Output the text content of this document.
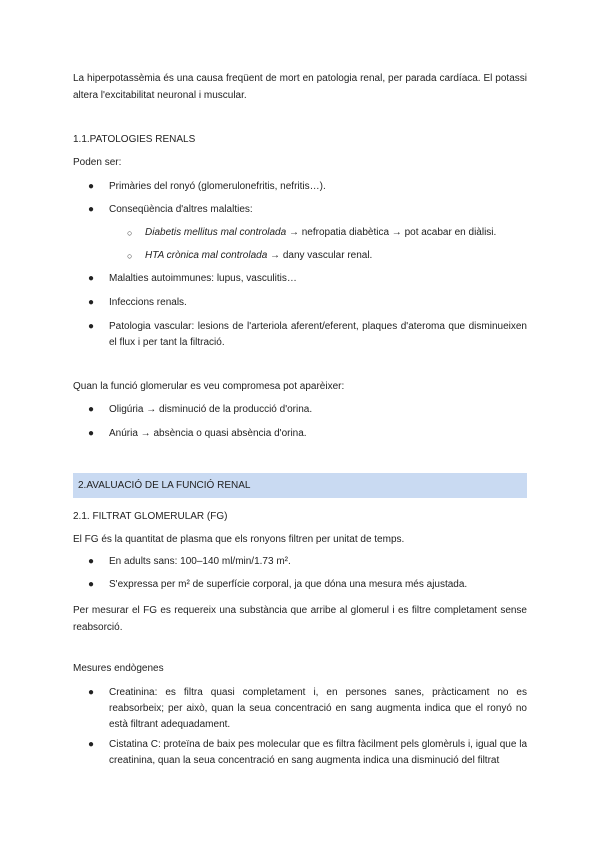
La hiperpotassèmia és una causa freqüent de mort en patologia renal, per parada cardíaca. El potassi altera l'excitabilitat neuronal i muscular.

1.1.PATOLOGIES RENALS

Poden ser:

● Primàries del ronyó (glomerulonefritis, nefritis…).

● Conseqüència d'altres malalties:

○ Diabetis mellitus mal controlada → nefropatia diabètica → pot acabar en diàlisi.

○ HTA crònica mal controlada → dany vascular renal.

● Malalties autoimmunes: lupus, vasculitis…

● Infeccions renals.

● Patologia vascular: lesions de l'arteriola aferent/eferent, plaques d'ateroma que disminueixen el flux i per tant la filtració.

Quan la funció glomerular es veu compromesa pot aparèixer:

● Oligúria → disminució de la producció d'orina.

● Anúria → absència o quasi absència d'orina.

2.AVALUACIÓ DE LA FUNCIÓ RENAL

2.1. FILTRAT GLOMERULAR (FG)

El FG és la quantitat de plasma que els ronyons filtren per unitat de temps.

● En adults sans: 100–140 ml/min/1.73 m².

● S'expressa per m² de superfície corporal, ja que dóna una mesura més ajustada.

Per mesurar el FG es requereix una substància que arribe al glomerul i es filtre completament sense reabsorció.

Mesures endògenes

● Creatinina: es filtra quasi completament i, en persones sanes, pràcticament no es reabsorbeix; per això, quan la seua concentració en sang augmenta indica que el ronyó no està filtrant adequadament.

● Cistatina C: proteïna de baix pes molecular que es filtra fàcilment pels glomèruls i, igual que la creatinina, quan la seua concentració en sang augmenta indica una disminució del filtrat
